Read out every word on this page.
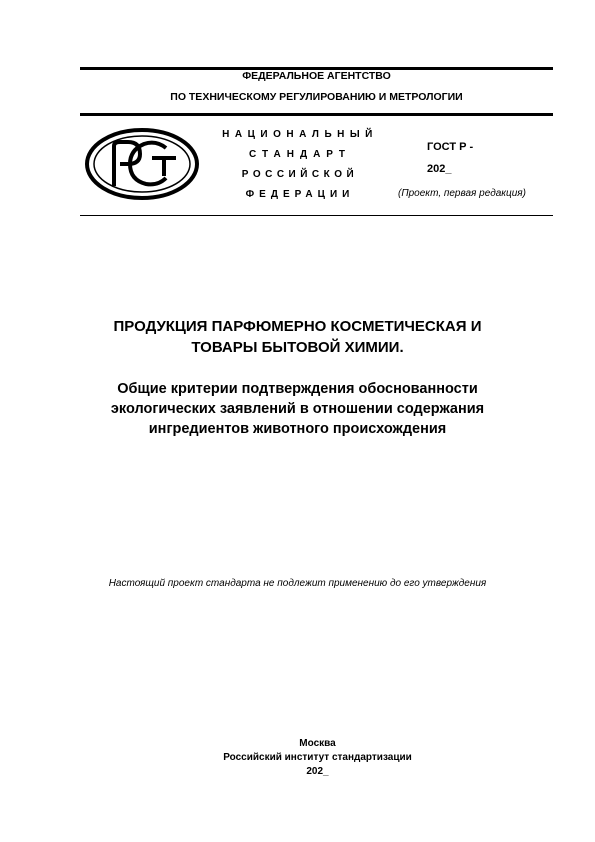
ФЕДЕРАЛЬНОЕ АГЕНТСТВО
ПО ТЕХНИЧЕСКОМУ РЕГУЛИРОВАНИЮ И МЕТРОЛОГИИ
НАЦИОНАЛЬНЫЙ
СТАНДАРТ
РОССИЙСКОЙ
ФЕДЕРАЦИИ
ГОСТ Р -
202_
(Проект, первая редакция)
ПРОДУКЦИЯ ПАРФЮМЕРНО КОСМЕТИЧЕСКАЯ И
ТОВАРЫ БЫТОВОЙ ХИМИИ.
Общие критерии подтверждения обоснованности
экологических заявлений в отношении содержания
ингредиентов животного происхождения
Настоящий проект стандарта не подлежит применению до его утверждения
Москва
Российский институт стандартизации
202_
